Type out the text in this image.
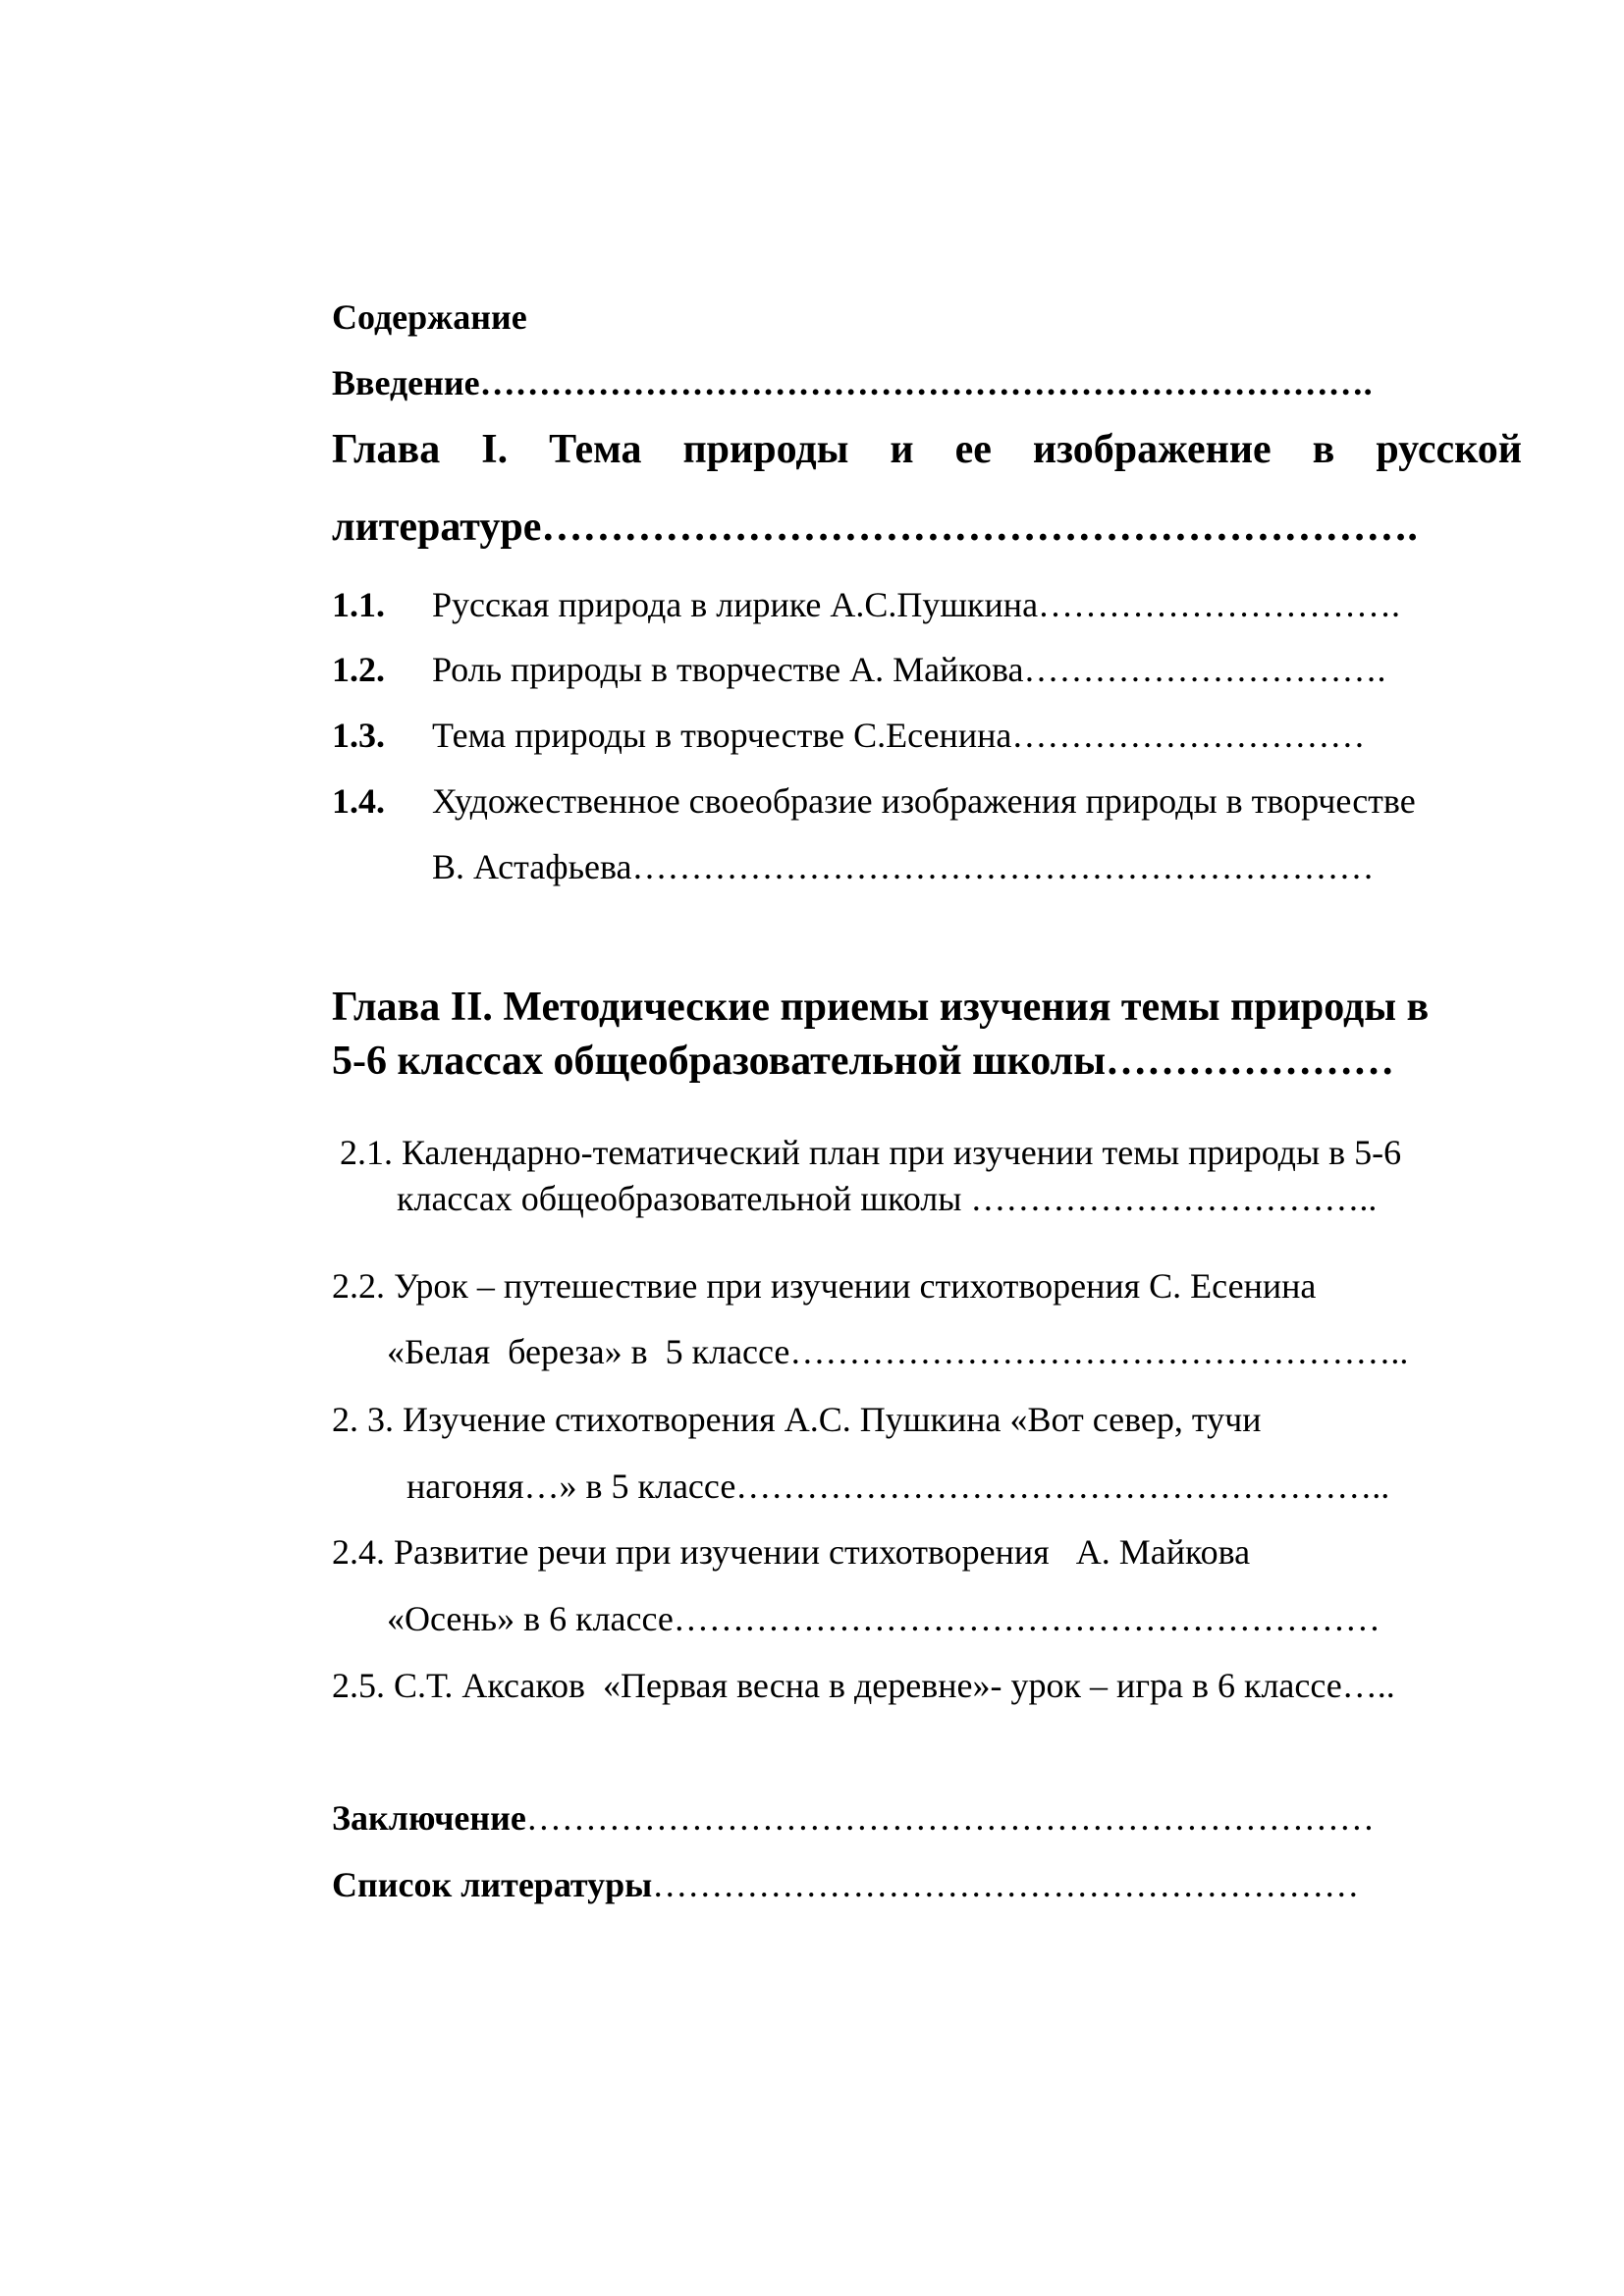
Содержание
Введение………………………………………………………………….
Глава I. Тема природы и ее изображение в русской
литературе……………………………………………………….
1.1. Русская природа в лирике А.С.Пушкина………………………….
1.2. Роль природы в творчестве А. Майкова………………………….
1.3. Тема природы в творчестве С.Есенина…………………………
1.4. Художественное своеобразие изображения природы в творчестве
В. Астафьева………………………………………………………
Глава II. Методические приемы изучения темы природы в
5-6 классах общеобразовательной школы…………………
2.1. Календарно-тематический план при изучении темы природы в 5-6
классах общеобразовательной школы ……………………………..
2.2. Урок – путешествие при изучении стихотворения С. Есенина
«Белая  береза» в  5 классе……………………………………………..
2. 3. Изучение стихотворения А.С. Пушкина «Вот север, тучи
нагоняя…» в 5 классе………………………………………………..
2.4. Развитие речи при изучении стихотворения   А. Майкова
«Осень» в 6 классе……………………………………………………
2.5. С.Т. Аксаков  «Первая весна в деревне»- урок – игра в 6 классе…..
Заключение………………………………………………………………
Список литературы……………………………………………………
